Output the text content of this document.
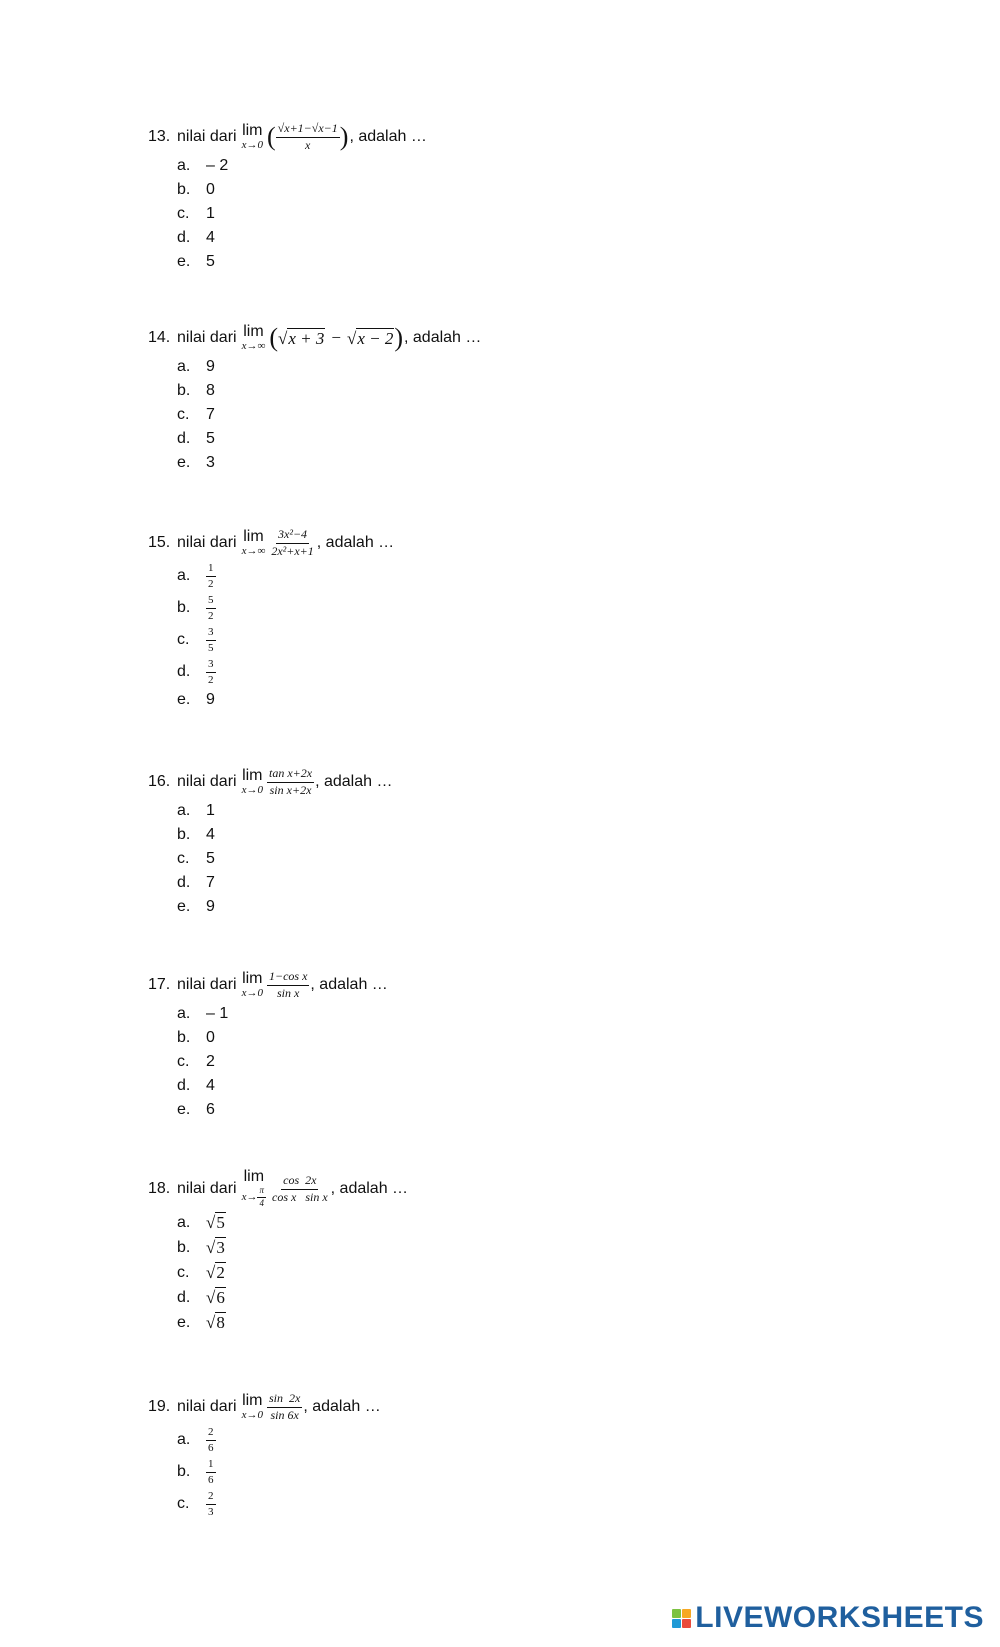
13. nilai dari lim
x→0 ( $\frac{√x+1-√x-1}{x}$ ) , adalah …
a. – 2
b. 0
c.	1
d. 4
e. 5
14. nilai dari lim
x→∞ ( √ x + 3 − √ x − 2 ) , adalah …
a. 9
b. 8
c.	7
d. 5
e. 3
15. nilai dari lim
$x\to\infty \frac{\text{3x²−4}}{\text{2x²+x+1}}$ , adalah …
a.	$\frac{1}{2}$
b.	$\frac{5}{2}$
c.	$\frac{3}{5}$
d.	$\frac{3}{2}$
e. 9
16. nilai dari lim
$x\to 0 \frac{\text{tan x+2x}}{\text{sin x+2x}}$ , adalah …
a. 1
b. 4
c.	5
d. 7
e. 9
17. nilai dari lim
$x\to 0 \frac{\text{1−cos x}}{\text{sin x}}$ , adalah …
a. – 1
b. 0
c.	2
d. 4
e. 6
18. nilai dari
lim
$x\to \frac{\pi}{4} \frac{\cos 2x}{\text{cos x   sin x}}$ , adalah …
a. √ 5
b. √ 3
c. √ 2
d. √ 6
e. √ 8
19. nilai dari lim
$x\to 0 \frac{\sin 2x}{\sin 6x}$ , adalah …
a.	$\frac{2}{6}$
b.	$\frac{1}{6}$
c.	$\frac{2}{3}$
LIVEWORKSHEETS
